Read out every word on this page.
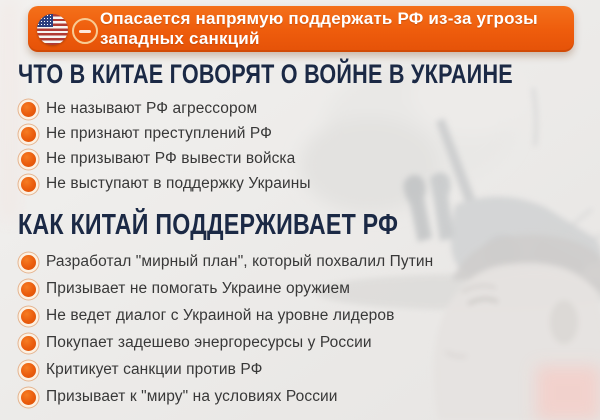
Опасается напрямую поддержать РФ из-за угрозы
западных санкций
ЧТО В КИТАЕ ГОВОРЯТ О ВОЙНЕ В УКРАИНЕ
Не называют РФ агрессором
Не признают преступлений РФ
Не призывают РФ вывести войска
Не выступают в поддержку Украины
КАК КИТАЙ ПОДДЕРЖИВАЕТ РФ
Разработал "мирный план", который похвалил Путин
Призывает не помогать Украине оружием
Не ведет диалог с Украиной на уровне лидеров
Покупает задешево энергоресурсы у России
Критикует санкции против РФ
Призывает к "миру" на условиях России
